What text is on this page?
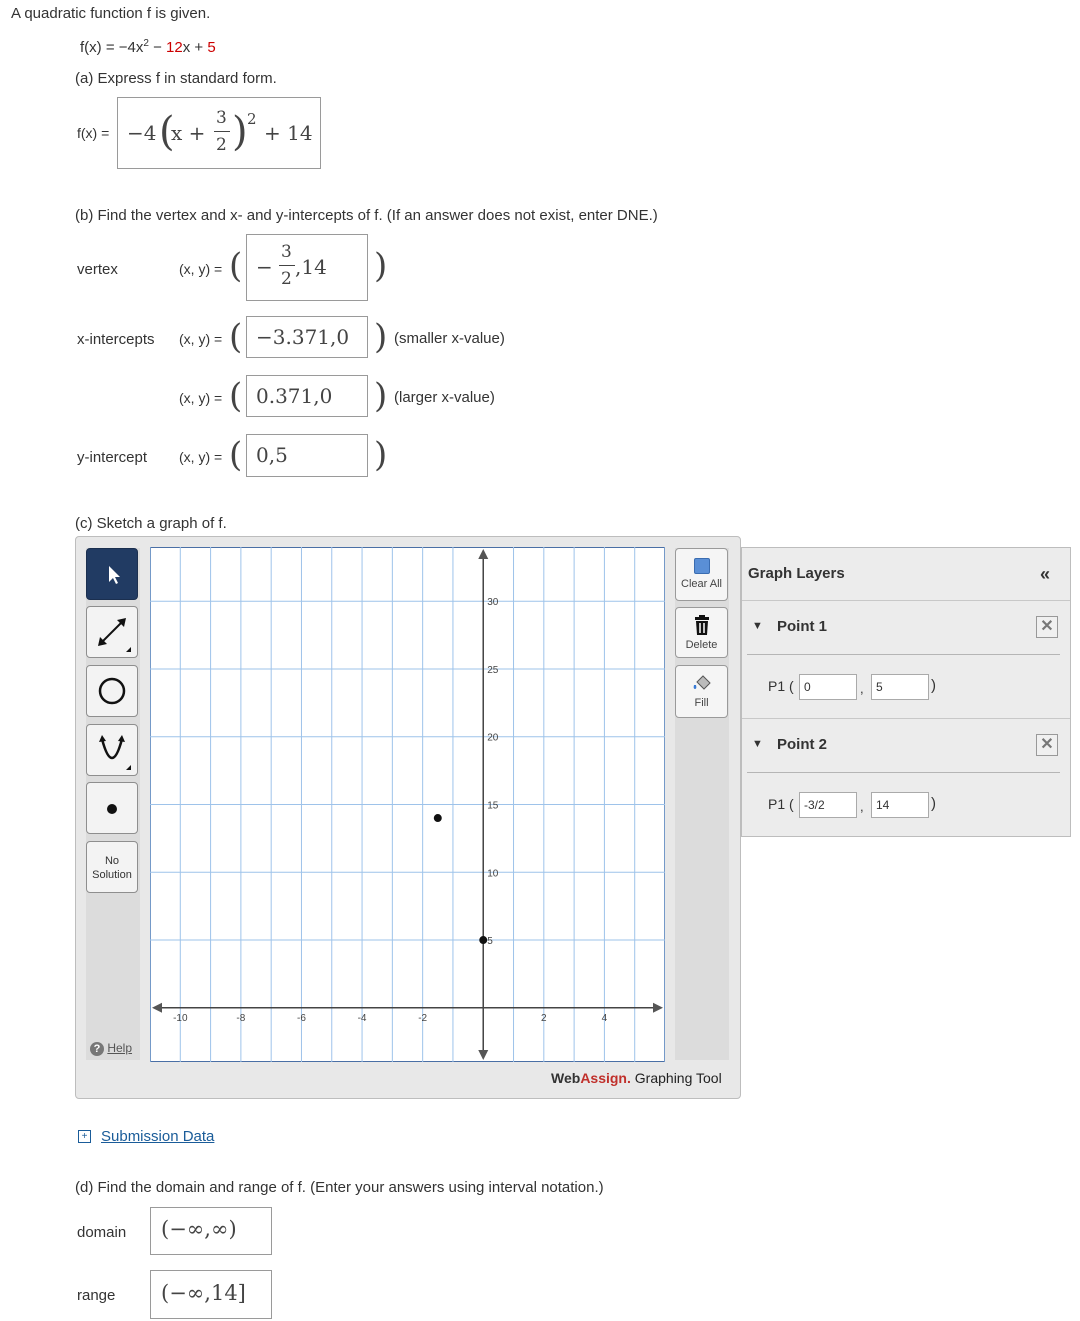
A quadratic function f is given.
$f(x) = -4x^2 - 12x + 5$
(a) Express f in standard form.
f(x) = −4 (
x +
3
2 ) 2
+ 14
(b) Find the vertex and x- and y-intercepts of f. (If an answer does not exist, enter DNE.)
vertex	(x, y) = ( −
3
2 ,14 )
x-intercepts (x, y) = ( −3.371,0 ) (smaller x-value)
(x, y) = ( 0.371,0 ) (larger x-value)
y-intercept (x, y) = ( 0,5	)
(c) Sketch a graph of f.
No Solution
? Help
-10	-8	-6	-4	-2	2	4
30
25
20
15
10
5
Clear All
Delete
Fill
WebAssign. Graphing Tool
Graph Layers	«
▼ Point 1	✕
P1 ( 0	,	5	)
▼ Point 2	✕
P1 ( -3/2	,	14	)
+ Submission Data
(d) Find the domain and range of f. (Enter your answers using interval notation.)
domain (−∞,∞)
range (−∞,14]
